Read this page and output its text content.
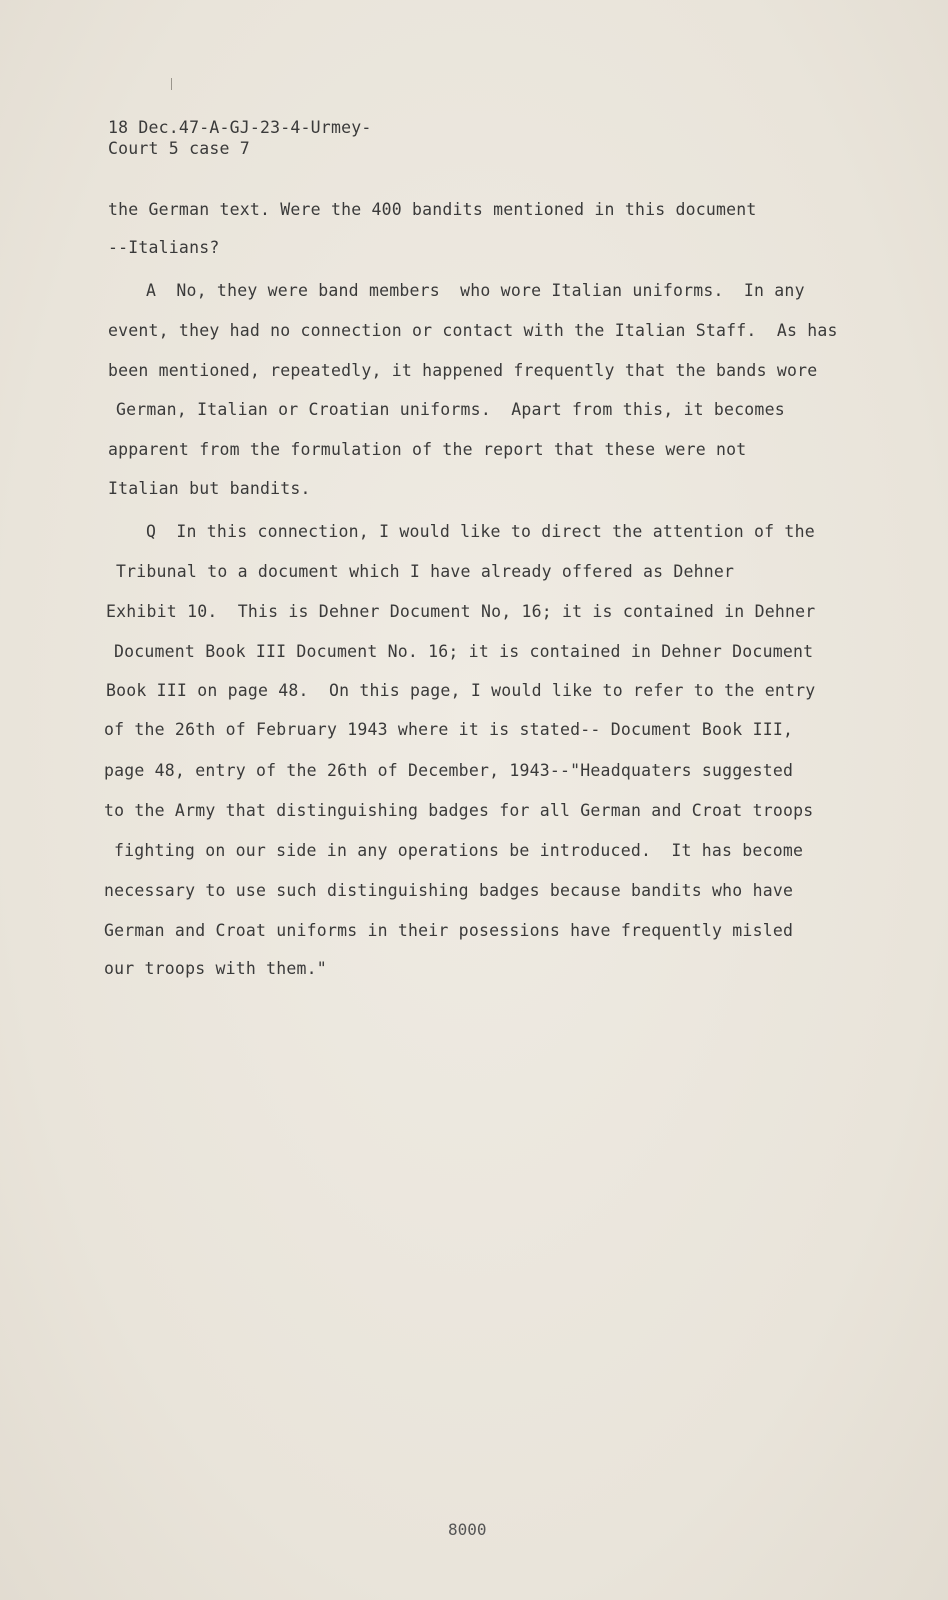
18 Dec.47-A-GJ-23-4-Urmey-
Court 5 case 7
the German text. Were the 400 bandits mentioned in this document
--Italians?
A  No, they were band members  who wore Italian uniforms.  In any
event, they had no connection or contact with the Italian Staff.  As has
been mentioned, repeatedly, it happened frequently that the bands wore
German, Italian or Croatian uniforms.  Apart from this, it becomes
apparent from the formulation of the report that these were not
Italian but bandits.
Q  In this connection, I would like to direct the attention of the
Tribunal to a document which I have already offered as Dehner
Exhibit 10.  This is Dehner Document No, 16; it is contained in Dehner
Document Book III Document No. 16; it is contained in Dehner Document
Book III on page 48.  On this page, I would like to refer to the entry
of the 26th of February 1943 where it is stated-- Document Book III,
page 48, entry of the 26th of December, 1943--"Headquaters suggested
to the Army that distinguishing badges for all German and Croat troops
fighting on our side in any operations be introduced.  It has become
necessary to use such distinguishing badges because bandits who have
German and Croat uniforms in their posessions have frequently misled
our troops with them."
8000
